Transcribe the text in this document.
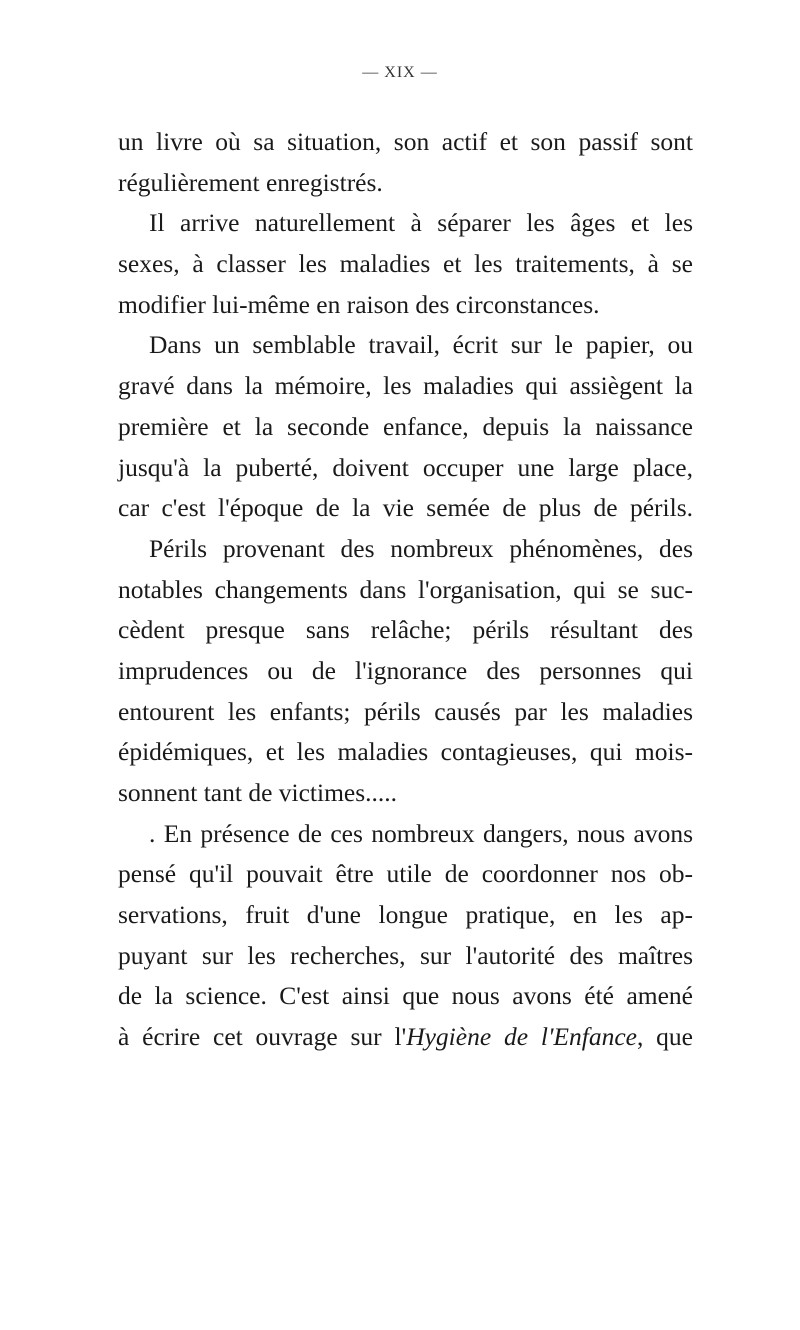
— XIX —
un livre où sa situation, son actif et son passif sont
régulièrement enregistrés.
Il arrive naturellement à séparer les âges et les
sexes, à classer les maladies et les traitements, à se
modifier lui-même en raison des circonstances.
Dans un semblable travail, écrit sur le papier, ou
gravé dans la mémoire, les maladies qui assiègent la
première et la seconde enfance, depuis la naissance
jusqu'à la puberté, doivent occuper une large place,
car c'est l'époque de la vie semée de plus de périls.
Périls provenant des nombreux phénomènes, des
notables changements dans l'organisation, qui se suc-
cèdent presque sans relâche; périls résultant des
imprudences ou de l'ignorance des personnes qui
entourent les enfants; périls causés par les maladies
épidémiques, et les maladies contagieuses, qui mois-
sonnent tant de victimes.....
. En présence de ces nombreux dangers, nous avons
pensé qu'il pouvait être utile de coordonner nos ob-
servations, fruit d'une longue pratique, en les ap-
puyant sur les recherches, sur l'autorité des maîtres
de la science. C'est ainsi que nous avons été amené
à écrire cet ouvrage sur l'Hygiène de l'Enfance, que
